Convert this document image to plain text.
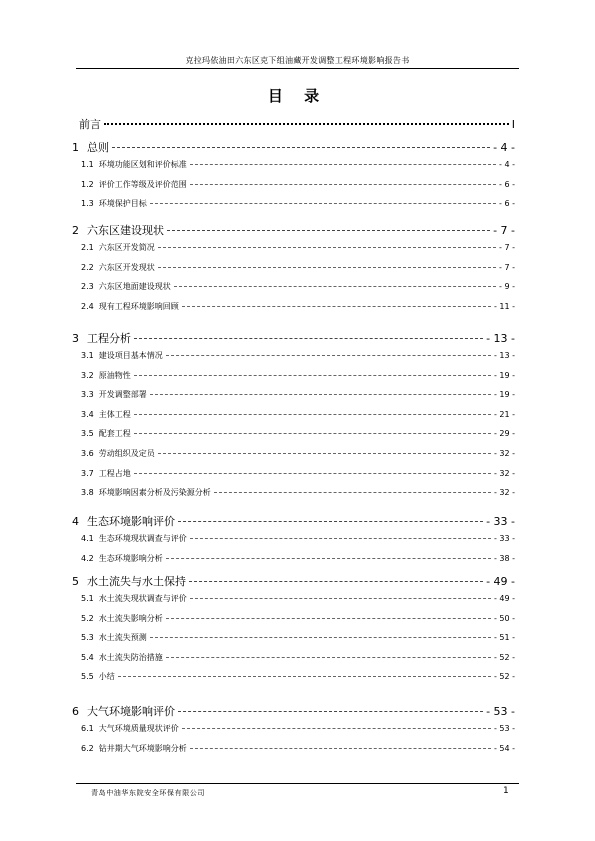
克拉玛依油田六东区克下组油藏开发调整工程环境影响报告书
目 录
前言	I
1 总则	- 4 -
1.1 环境功能区划和评价标准	- 4 -
1.2 评价工作等级及评价范围	- 6 -
1.3 环境保护目标	- 6 -
2 六东区建设现状	- 7 -
2.1 六东区开发简况	- 7 -
2.2 六东区开发现状	- 7 -
2.3 六东区地面建设现状	- 9 -
2.4 现有工程环境影响回顾	- 11 -
3 工程分析	- 13 -
3.1 建设项目基本情况	- 13 -
3.2 原油物性	- 19 -
3.3 开发调整部署	- 19 -
3.4 主体工程	- 21 -
3.5 配套工程	- 29 -
3.6 劳动组织及定员	- 32 -
3.7 工程占地	- 32 -
3.8 环境影响因素分析及污染源分析	- 32 -
4 生态环境影响评价	- 33 -
4.1 生态环境现状调查与评价	- 33 -
4.2 生态环境影响分析	- 38 -
5 水土流失与水土保持	- 49 -
5.1 水土流失现状调查与评价	- 49 -
5.2 水土流失影响分析	- 50 -
5.3 水土流失预测	- 51 -
5.4 水土流失防治措施	- 52 -
5.5 小结	- 52 -
6 大气环境影响评价	- 53 -
6.1 大气环境质量现状评价	- 53 -
6.2 钻井期大气环境影响分析	- 54 -
青岛中油华东院安全环保有限公司	1
